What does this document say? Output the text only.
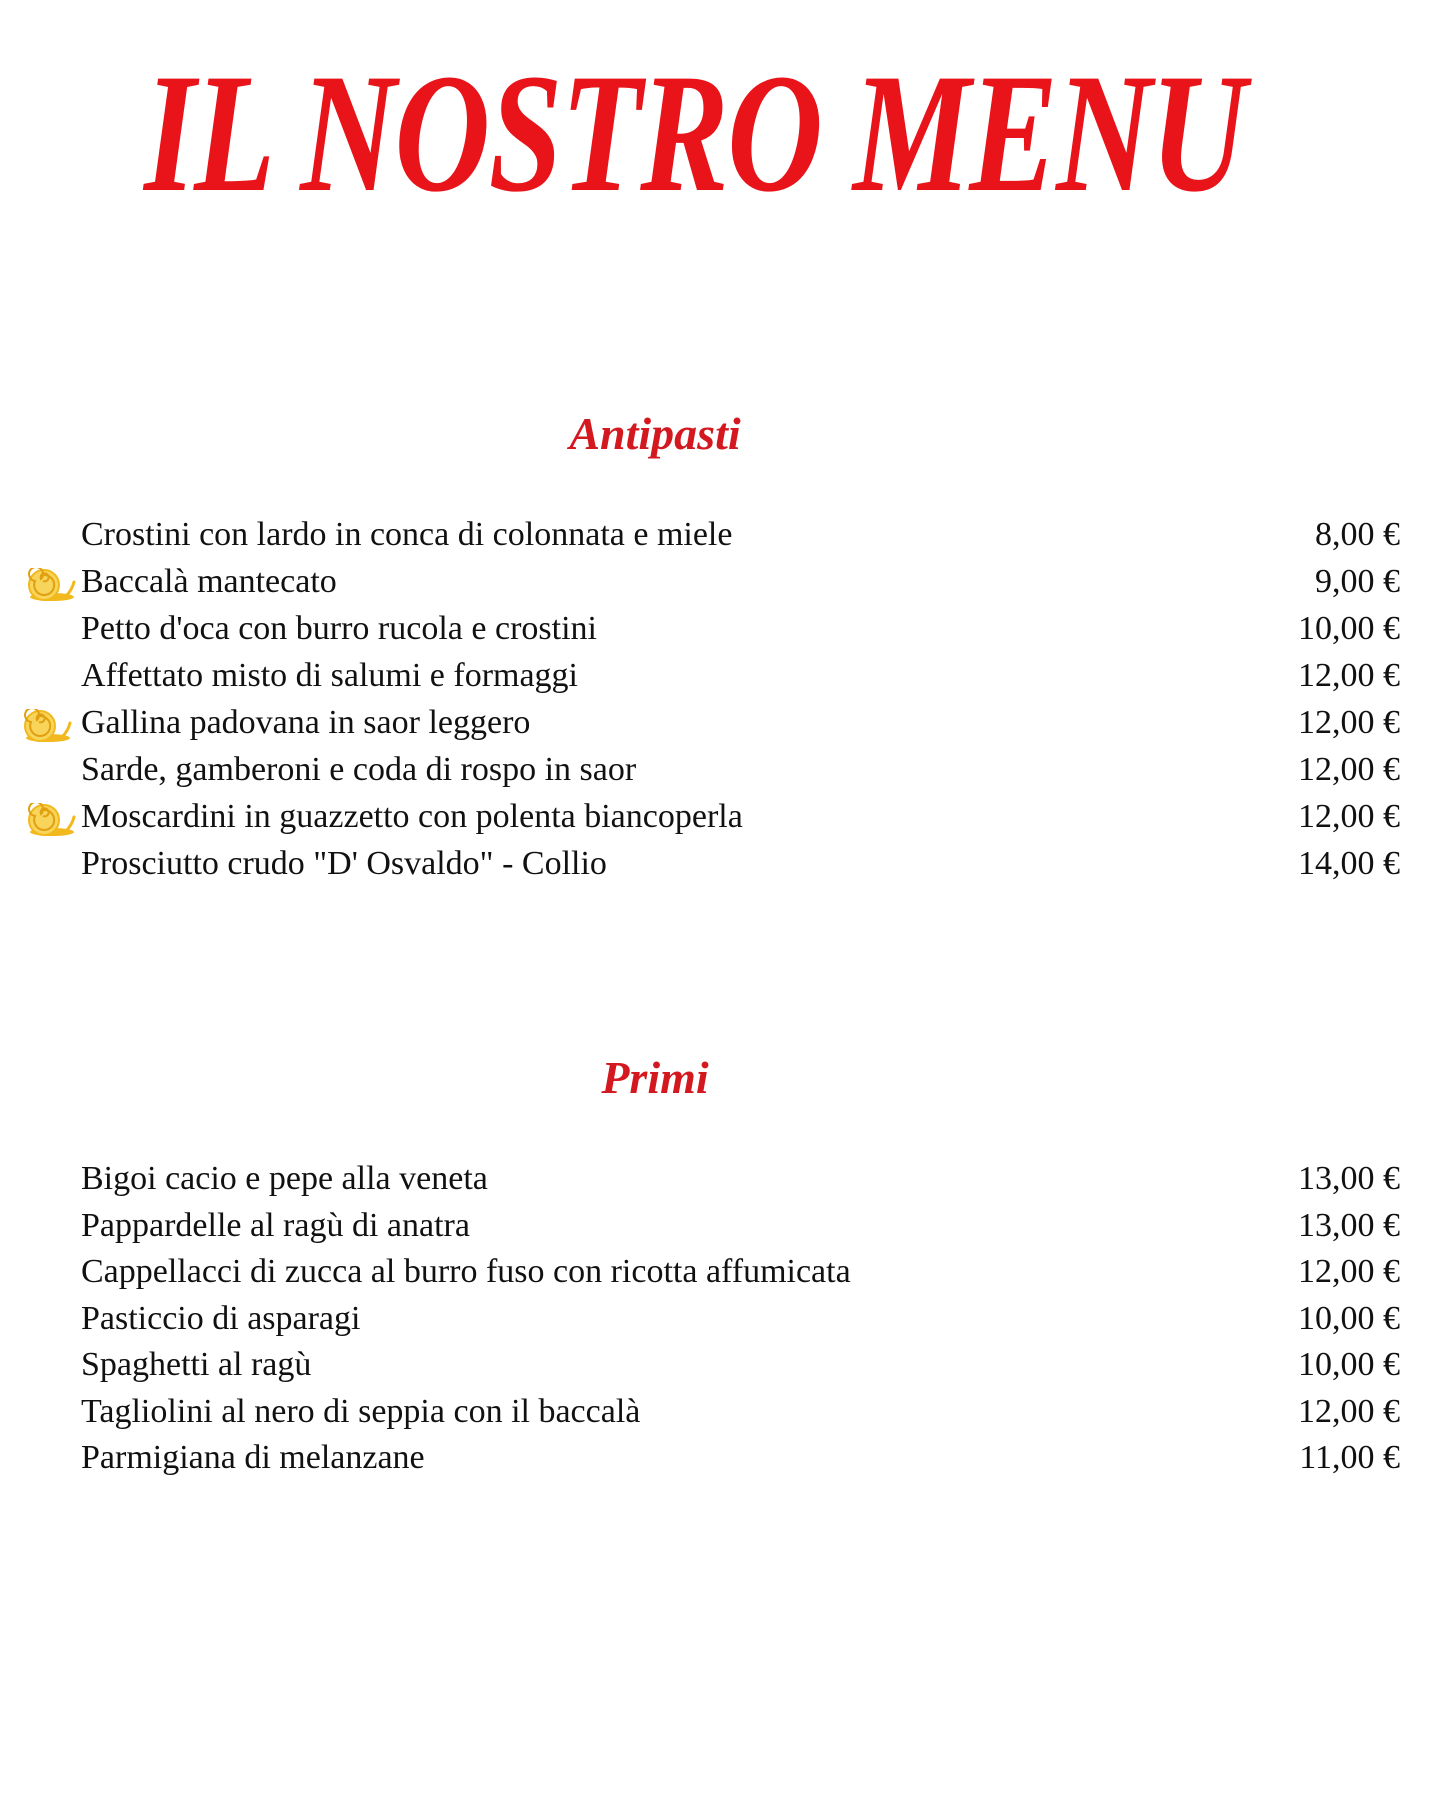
IL NOSTRO MENU
Antipasti
Crostini con lardo in conca di colonnata e miele	8,00 €
Baccalà mantecato	9,00 €
Petto d'oca con burro rucola e crostini	10,00 €
Affettato misto di salumi e formaggi	12,00 €
Gallina padovana in saor leggero	12,00 €
Sarde, gamberoni e coda di rospo in saor	12,00 €
Moscardini in guazzetto con polenta biancoperla	12,00 €
Prosciutto crudo "D' Osvaldo" - Collio	14,00 €
Primi
Bigoi cacio e pepe alla veneta	13,00 €
Pappardelle al ragù di anatra	13,00 €
Cappellacci di zucca al burro fuso con ricotta affumicata	12,00 €
Pasticcio di asparagi	10,00 €
Spaghetti al ragù	10,00 €
Tagliolini al nero di seppia con il baccalà	12,00 €
Parmigiana di melanzane	11,00 €
